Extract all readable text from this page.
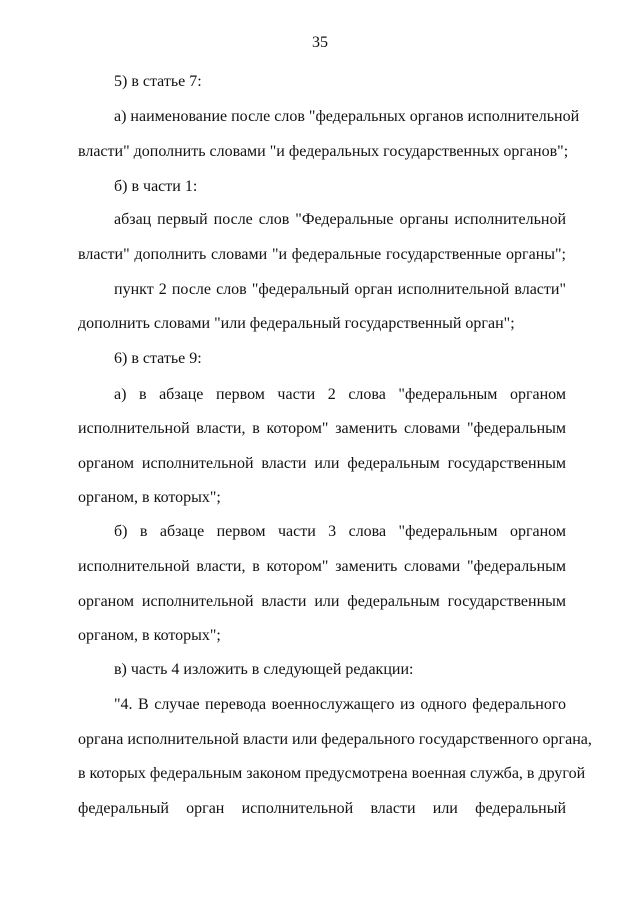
35
5) в статье 7:
а) наименование после слов "федеральных органов исполнительной
власти" дополнить словами "и федеральных государственных органов";
б) в части 1:
абзац первый после слов "Федеральные органы исполнительной
власти" дополнить словами "и федеральные государственные органы";
пункт 2 после слов "федеральный орган исполнительной власти"
дополнить словами "или федеральный государственный орган";
6) в статье 9:
а) в абзаце первом части 2 слова "федеральным органом
исполнительной власти, в котором" заменить словами "федеральным
органом исполнительной власти или федеральным государственным
органом, в которых";
б) в абзаце первом части 3 слова "федеральным органом
исполнительной власти, в котором" заменить словами "федеральным
органом исполнительной власти или федеральным государственным
органом, в которых";
в) часть 4 изложить в следующей редакции:
"4. В случае перевода военнослужащего из одного федерального
органа исполнительной власти или федерального государственного органа,
в которых федеральным законом предусмотрена военная служба, в другой
федеральный орган исполнительной власти или федеральный
